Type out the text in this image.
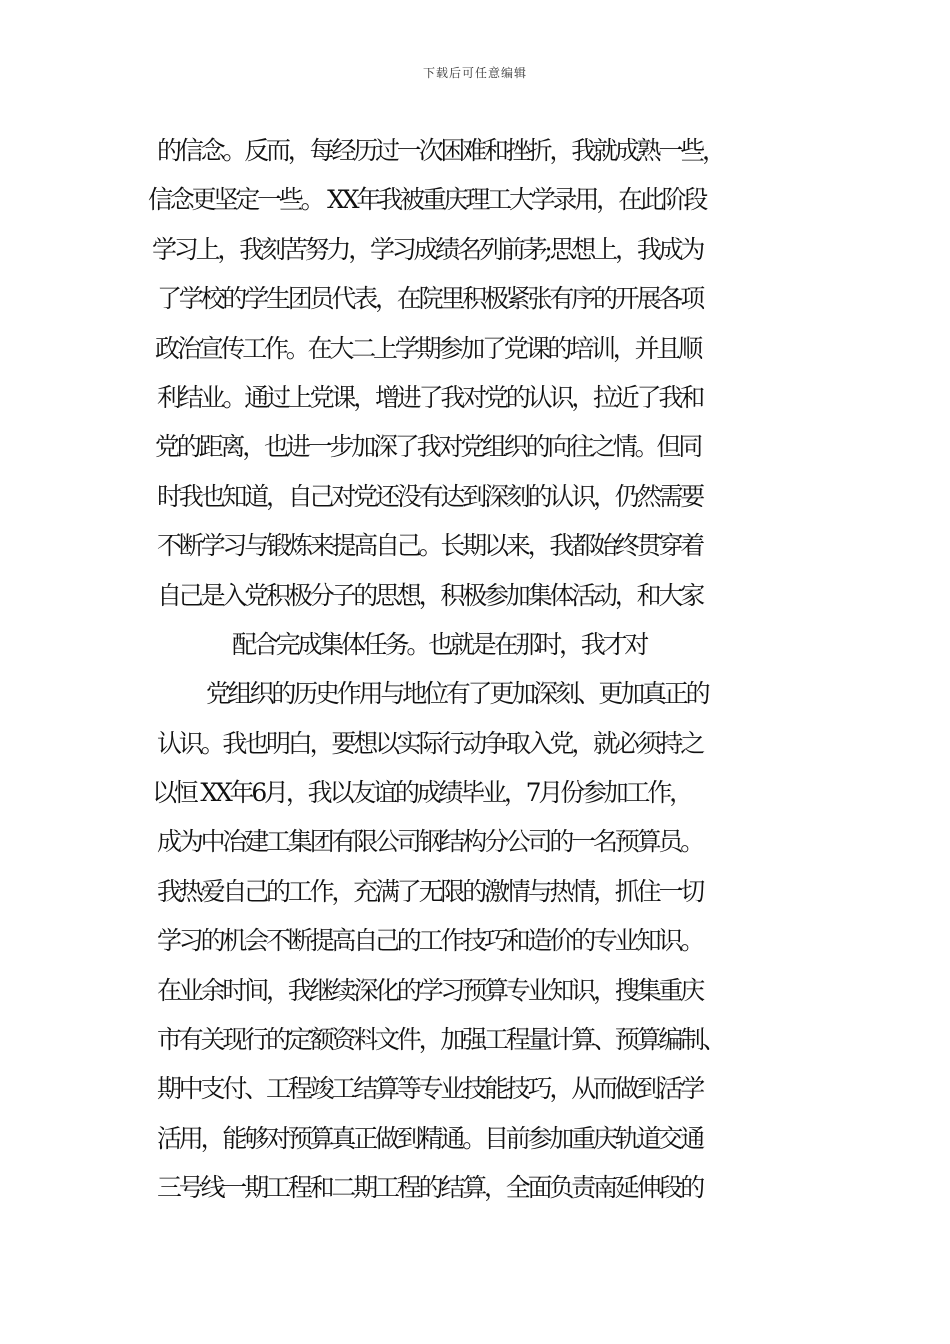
下载后可任意编辑
的信念。反而，每经历过一次困难和挫折，我就成熟一些，
信念更坚定一些。 XX年我被重庆理工大学录用，在此阶段
学习上，我刻苦努力，学习成绩名列前茅;思想上，我成为
了学校的学生团员代表，在院里积极紧张有序的开展各项
政治宣传工作。在大二上学期参加了党课的培训，并且顺
利结业。通过上党课，增进了我对党的认识，拉近了我和
党的距离，也进一步加深了我对党组织的向往之情。但同
时我也知道，自己对党还没有达到深刻的认识，仍然需要
不断学习与锻炼来提高自己。长期以来，我都始终贯穿着
自己是入党积极分子的思想，积极参加集体活动，和大家
配合完成集体任务。也就是在那时，我才对
党组织的历史作用与地位有了更加深刻、更加真正的
认识。我也明白，要想以实际行动争取入党，就必须持之
以恒 XX年6月，我以友谊的成绩毕业，7月份参加工作，
成为中冶建工集团有限公司钢结构分公司的一名预算员。
我热爱自己的工作，充满了无限的激情与热情，抓住一切
学习的机会不断提高自己的工作技巧和造价的专业知识。
在业余时间，我继续深化的学习预算专业知识，搜集重庆
市有关现行的定额资料文件，加强工程量计算、预算编制、
期中支付、工程竣工结算等专业技能技巧，从而做到活学
活用，能够对预算真正做到精通。目前参加重庆轨道交通
三号线一期工程和二期工程的结算，全面负责南延伸段的
